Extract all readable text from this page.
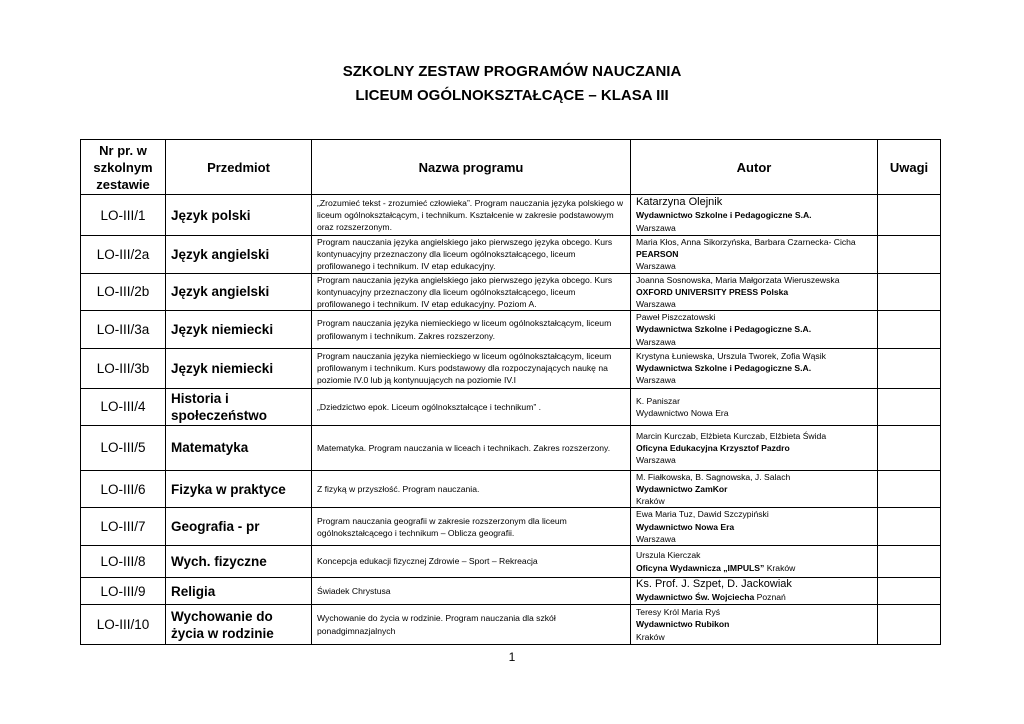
SZKOLNY ZESTAW PROGRAMÓW NAUCZANIA
LICEUM OGÓLNOKSZTAŁCĄCE – KLASA III
Nr pr. w szkolnym zestawie	Przedmiot	Nazwa programu	Autor	Uwagi
LO-III/1	Język polski	„Zrozumieć tekst - zrozumieć człowieka”. Program nauczania języka polskiego w liceum ogólnokształcącym, i technikum. Kształcenie w zakresie podstawowym oraz rozszerzonym.	Katarzyna Olejnik
Wydawnictwo Szkolne i Pedagogiczne S.A.
Warszawa	

LO-III/2a	Język angielski	Program nauczania języka angielskiego jako pierwszego języka obcego. Kurs kontynuacyjny przeznaczony dla liceum ogólnokształcącego, liceum profilowanego i technikum. IV etap edukacyjny.	Maria Kłos, Anna Sikorzyńska, Barbara Czarnecka- Cicha
PEARSON
Warszawa	

LO-III/2b	Język angielski	Program nauczania języka angielskiego jako pierwszego języka obcego. Kurs kontynuacyjny przeznaczony dla liceum ogólnokształcącego, liceum profilowanego i technikum. IV etap edukacyjny. Poziom A.	Joanna Sosnowska, Maria Małgorzata Wieruszewska
OXFORD UNIVERSITY PRESS Polska
Warszawa	

LO-III/3a	Język niemiecki	Program nauczania języka niemieckiego w liceum ogólnokształcącym, liceum profilowanym i technikum. Zakres rozszerzony.	Paweł Piszczatowski
Wydawnictwa Szkolne i Pedagogiczne S.A.
Warszawa	

LO-III/3b	Język niemiecki	Program nauczania języka niemieckiego w liceum ogólnokształcącym, liceum profilowanym i technikum. Kurs podstawowy dla rozpoczynających naukę na poziomie IV.0 lub ją kontynuujących na poziomie IV.I	Krystyna Łuniewska, Urszula Tworek, Zofia Wąsik
Wydawnictwa Szkolne i Pedagogiczne S.A.
Warszawa	

LO-III/4	Historia i społeczeństwo	„Dziedzictwo epok. Liceum ogólnokształcące i technikum” .	K. Paniszar
Wydawnictwo Nowa Era	

LO-III/5	Matematyka	Matematyka. Program nauczania w liceach i technikach. Zakres rozszerzony.	Marcin Kurczab, Elżbieta Kurczab, Elżbieta Świda
Oficyna Edukacyjna Krzysztof Pazdro
Warszawa	

LO-III/6	Fizyka w praktyce	Z fizyką w przyszłość. Program nauczania.	M. Fiałkowska, B. Sagnowska, J. Salach
Wydawnictwo ZamKor
Kraków	

LO-III/7	Geografia - pr	Program nauczania geografii w zakresie rozszerzonym dla liceum ogólnokształcącego i technikum – Oblicza geografii.	Ewa Maria Tuz, Dawid Szczypiński
Wydawnictwo Nowa Era
Warszawa	

LO-III/8	Wych. fizyczne	Koncepcja edukacji fizycznej Zdrowie – Sport – Rekreacja	Urszula Kierczak
Oficyna Wydawnicza „IMPULS” Kraków	

LO-III/9	Religia	Świadek Chrystusa	Ks. Prof. J. Szpet, D. Jackowiak
Wydawnictwo Św. Wojciecha Poznań	

LO-III/10	Wychowanie do życia w rodzinie	Wychowanie do życia w rodzinie. Program nauczania dla szkół ponadgimnazjalnych	Teresy Król Maria Ryś
Wydawnictwo Rubikon
Kraków	

1
